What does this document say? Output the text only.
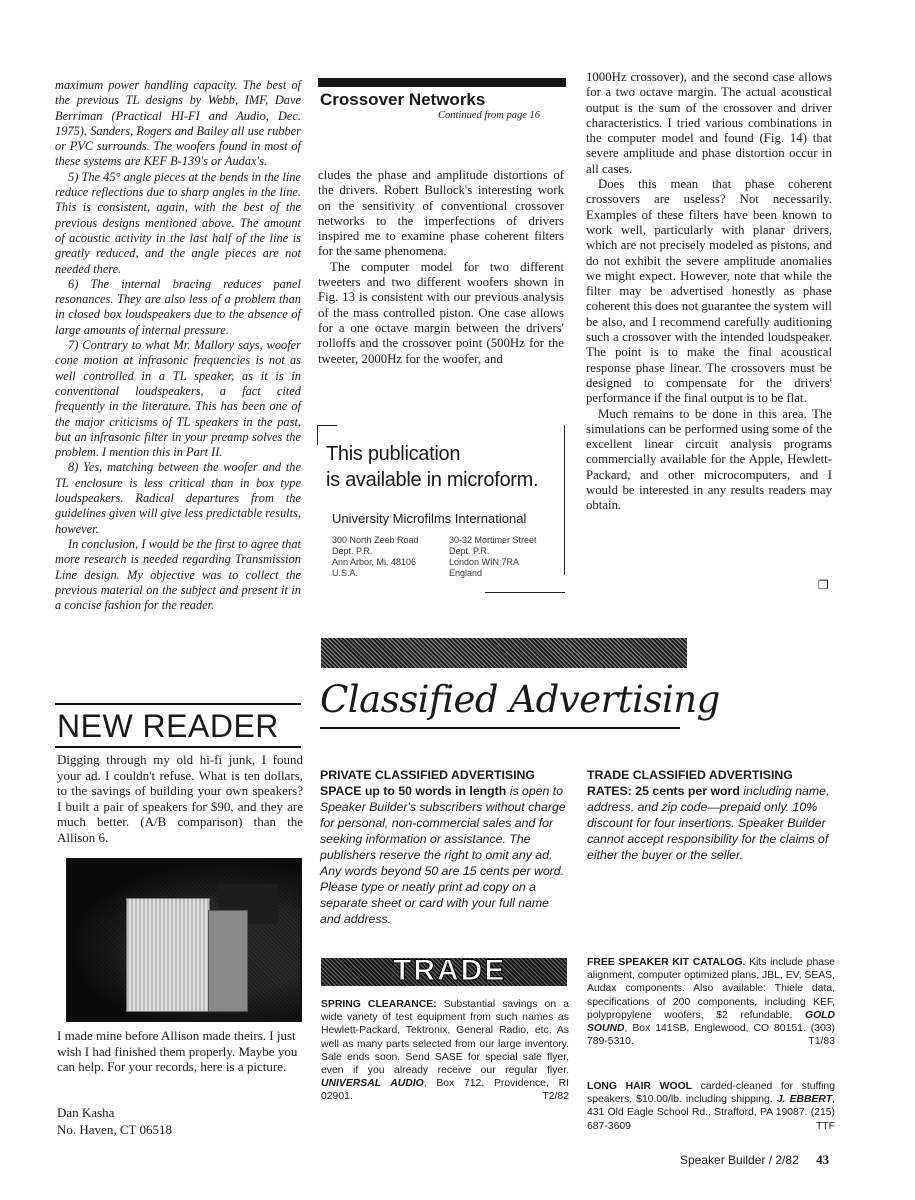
maximum power handling capacity. The best of the previous TL designs by Webb, IMF, Dave Berriman (Practical HI-FI and Audio, Dec. 1975), Sanders, Rogers and Bailey all use rubber or PVC surrounds. The woofers found in most of these systems are KEF B-139's or Audax's.

5) The 45° angle pieces at the bends in the line reduce reflections due to sharp angles in the line. This is consistent, again, with the best of the previous designs mentioned above. The amount of acoustic activity in the last half of the line is greatly reduced, and the angle pieces are not needed there.

6) The internal bracing reduces panel resonances. They are also less of a problem than in closed box loudspeakers due to the absence of large amounts of internal pressure.

7) Contrary to what Mr. Mallory says, woofer cone motion at infrasonic frequencies is not as well controlled in a TL speaker, as it is in conventional loudspeakers, a fact cited frequently in the literature. This has been one of the major criticisms of TL speakers in the past, but an infrasonic filter in your preamp solves the problem. I mention this in Part II.

8) Yes, matching between the woofer and the TL enclosure is less critical than in box type loudspeakers. Radical departures from the guidelines given will give less predictable results, however.

In conclusion, I would be the first to agree that more research is needed regarding Transmission Line design. My objective was to collect the previous material on the subject and present it in a concise fashion for the reader.

Crossover Networks
Continued from page 16

cludes the phase and amplitude distortions of the drivers. Robert Bullock's interesting work on the sensitivity of conventional crossover networks to the imperfections of drivers inspired me to examine phase coherent filters for the same phenomena.

The computer model for two different tweeters and two different woofers shown in Fig. 13 is consistent with our previous analysis of the mass controlled piston. One case allows for a one octave margin between the drivers' rolloffs and the crossover point (500Hz for the tweeter, 2000Hz for the woofer, and

This publication
is available in microform.
University Microfilms International
300 North Zeeb Road
Dept. P.R.
Ann Arbor, Mi. 48106
U.S.A.
30-32 Mortimer Street
Dept. P.R.
London WIN 7RA
England

1000Hz crossover), and the second case allows for a two octave margin. The actual acoustical output is the sum of the crossover and driver characteristics. I tried various combinations in the computer model and found (Fig. 14) that severe amplitude and phase distortion occur in all cases.

Does this mean that phase coherent crossovers are useless? Not necessarily. Examples of these filters have been known to work well, particularly with planar drivers, which are not precisely modeled as pistons, and do not exhibit the severe amplitude anomalies we might expect. However, note that while the filter may be advertised honestly as phase coherent this does not guarantee the system will be also, and I recommend carefully auditioning such a crossover with the intended loudspeaker. The point is to make the final acoustical response phase linear. The crossovers must be designed to compensate for the drivers' performance if the final output is to be flat.

Much remains to be done in this area. The simulations can be performed using some of the excellent linear circuit analysis programs commercially available for the Apple, Hewlett-Packard, and other microcomputers, and I would be interested in any results readers may obtain.

❐
NEW READER
Digging through my old hi-fi junk, I found your ad. I couldn't refuse. What is ten dollars, to the savings of building your own speakers? I built a pair of speakers for $90, and they are much better. (A/B comparison) than the Allison 6.
I made mine before Allison made theirs. I just wish I had finished them properly. Maybe you can help. For your records, here is a picture.
Dan Kasha
No. Haven, CT 06518
Classified Advertising
PRIVATE CLASSIFIED ADVERTISING SPACE up to 50 words in length is open to Speaker Builder's subscribers without charge for personal, non-commercial sales and for seeking information or assistance. The publishers reserve the right to omit any ad. Any words beyond 50 are 15 cents per word. Please type or neatly print ad copy on a separate sheet or card with your full name and address.
TRADE CLASSIFIED ADVERTISING RATES: 25 cents per word including name, address, and zip code—prepaid only. 10% discount for four insertions. Speaker Builder cannot accept responsibility for the claims of either the buyer or the seller.
TRADE
SPRING CLEARANCE: Substantial savings on a wide variety of test equipment from such names as Hewlett-Packard, Tektronix, General Radio, etc. As well as many parts selected from our large inventory. Sale ends soon. Send SASE for special sale flyer, even if you already receive our regular flyer. UNIVERSAL AUDIO, Box 712, Providence, RI 02901.	T2/82
FREE SPEAKER KIT CATALOG. Kits include phase alignment, computer optimized plans, JBL, EV, SEAS, Audax components. Also available: Thiele data, specifications of 200 components, including KEF, polypropylene woofers, $2 refundable. GOLD SOUND, Box 141SB, Englewood, CO 80151. (303) 789-5310.	T1/83
LONG HAIR WOOL carded-cleaned for stuffing speakers. $10.00/lb. including shipping. J. EBBERT, 431 Old Eagle School Rd., Strafford, PA 19087. (215) 687-3609	TTF
Speaker Builder / 2/82 43
